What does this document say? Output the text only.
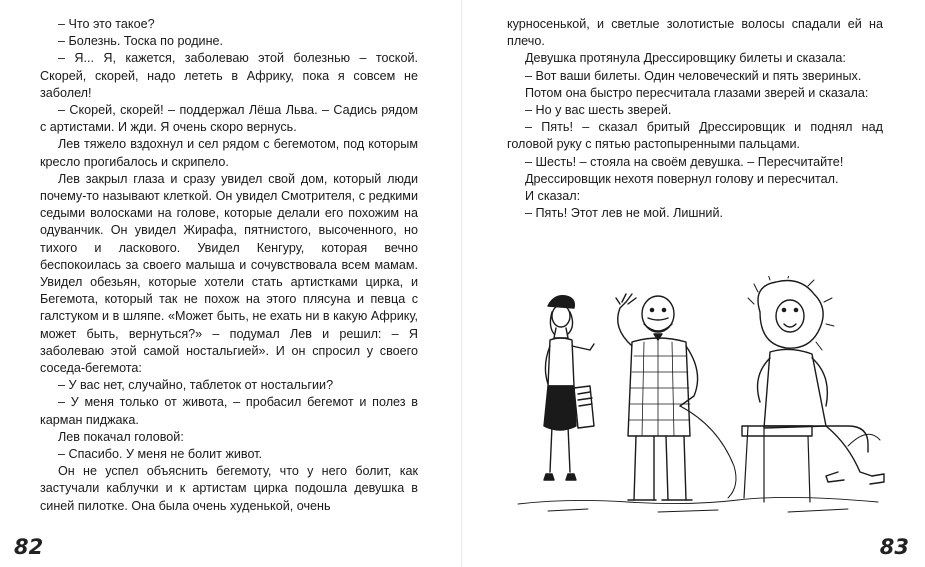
– Что это такое?

– Болезнь. Тоска по родине.

– Я... Я, кажется, заболеваю этой болезнью – тоской. Скорей, скорей, надо лететь в Африку, пока я совсем не заболел!

– Скорей, скорей! – поддержал Лёша Льва. – Садись рядом с артистами. И жди. Я очень скоро вернусь.

Лев тяжело вздохнул и сел рядом с бегемотом, под которым кресло прогибалось и скрипело.

Лев закрыл глаза и сразу увидел свой дом, который люди почему-то называют клеткой. Он увидел Смотрителя, с редкими седыми волосками на голове, которые делали его похожим на одуванчик. Он увидел Жирафа, пятнистого, высоченного, но тихого и ласкового. Увидел Кенгуру, которая вечно беспокоилась за своего малыша и сочувствовала всем мамам. Увидел обезьян, которые хотели стать артистками цирка, и Бегемота, который так не похож на этого плясуна и певца с галстуком и в шляпе. «Может быть, не ехать ни в какую Африку, может быть, вернуться?» – подумал Лев и решил: – Я заболеваю этой самой ностальгией». И он спросил у своего соседа-бегемота:

– У вас нет, случайно, таблеток от ностальгии?

– У меня только от живота, – пробасил бегемот и полез в карман пиджака.

Лев покачал головой:

– Спасибо. У меня не болит живот.

Он не успел объяснить бегемоту, что у него болит, как застучали каблучки и к артистам цирка подошла девушка в синей пилотке. Она была очень худенькой, очень

82

курносенькой, и светлые золотистые волосы спадали ей на плечо.

Девушка протянула Дрессировщику билеты и сказала:

– Вот ваши билеты. Один человеческий и пять звериных.

Потом она быстро пересчитала глазами зверей и сказала:

– Но у вас шесть зверей.

– Пять! – сказал бритый Дрессировщик и поднял над головой руку с пятью растопыренными пальцами.

– Шесть! – стояла на своём девушка. – Пересчитайте!

Дрессировщик нехотя повернул голову и пересчитал.

И сказал:

– Пять! Этот лев не мой. Лишний.

83
